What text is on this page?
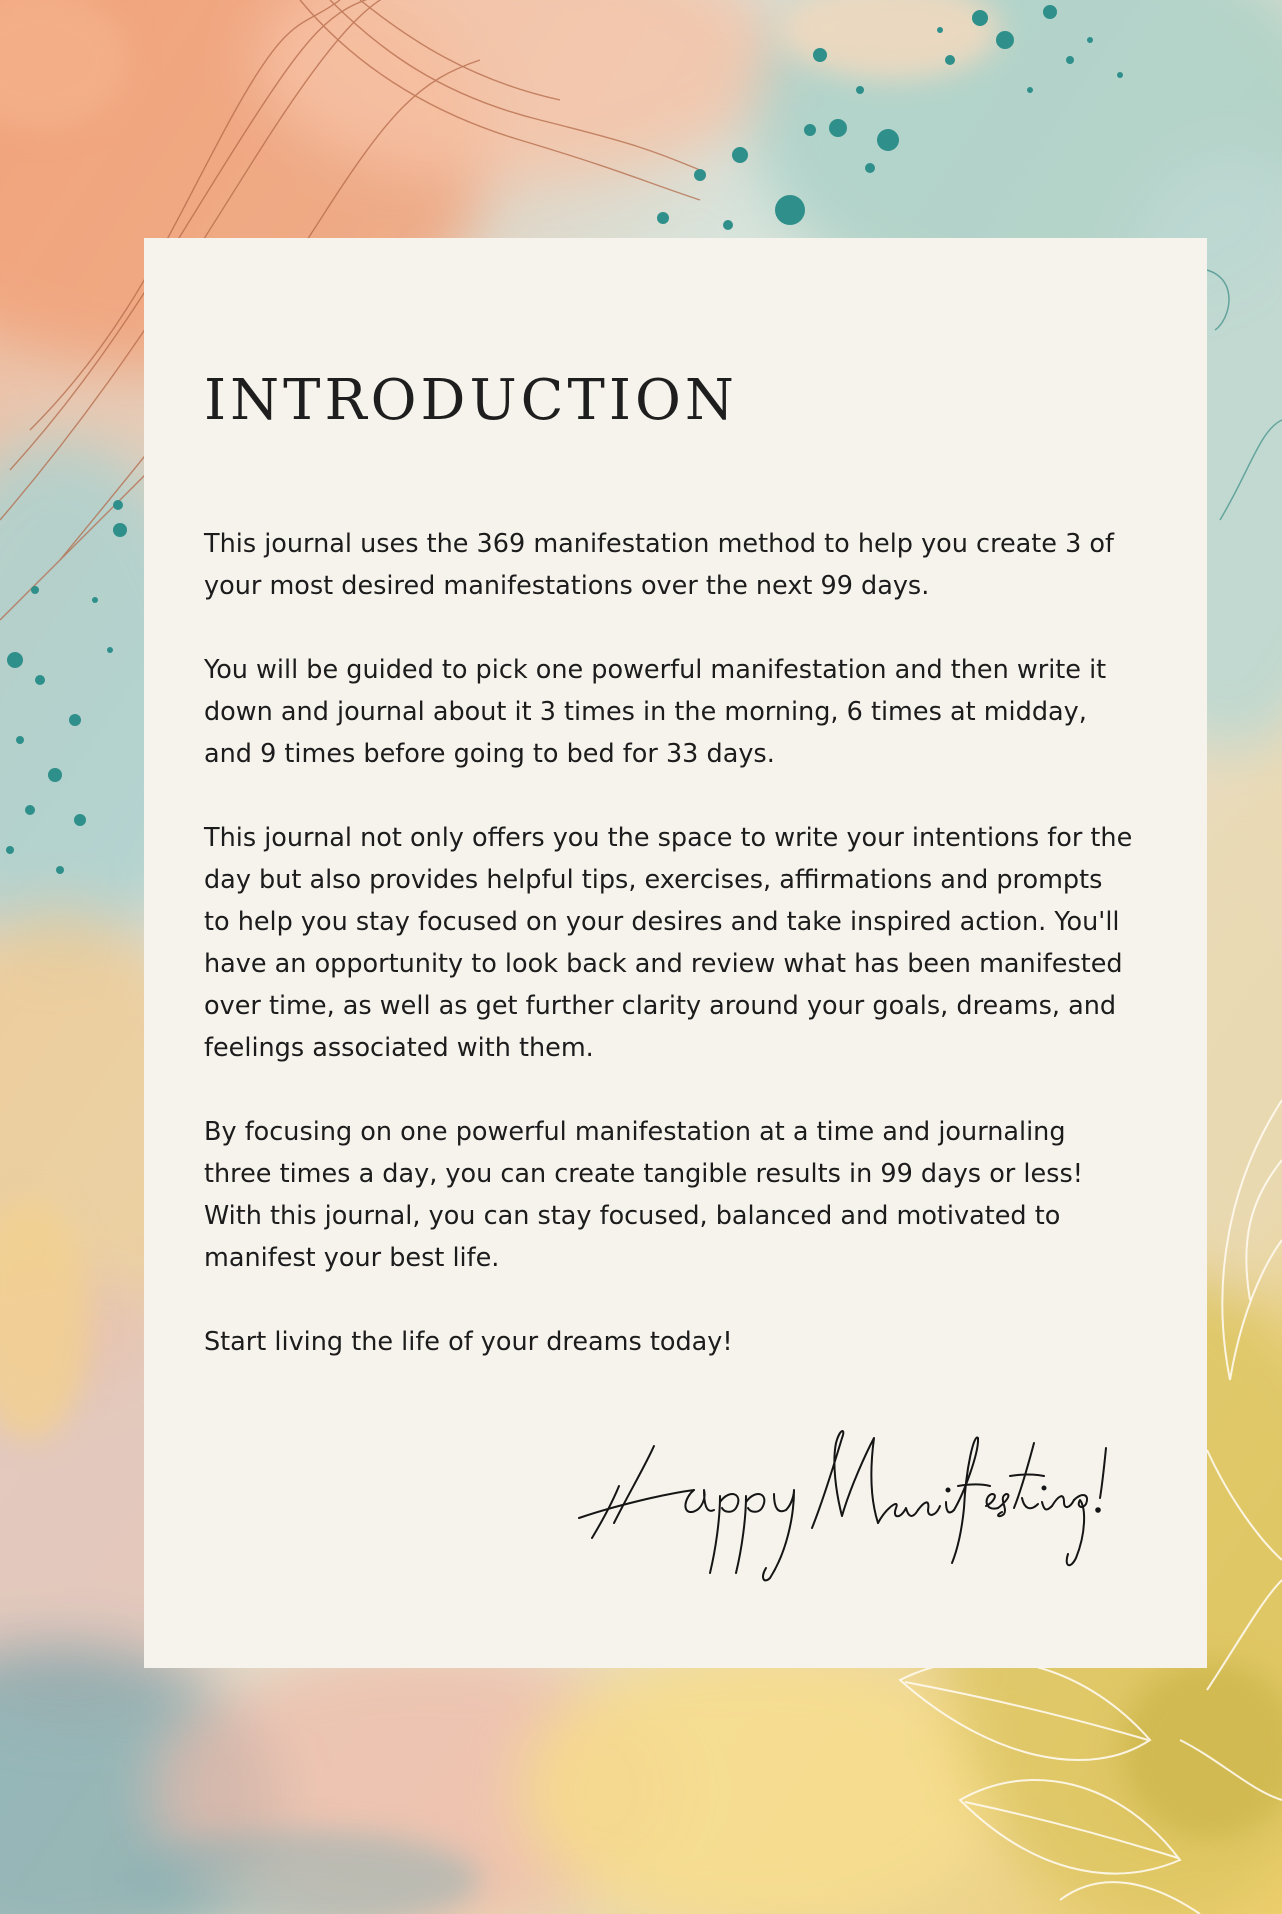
INTRODUCTION

This journal uses the 369 manifestation method to help you create 3 of your most desired manifestations over the next 99 days.

You will be guided to pick one powerful manifestation and then write it down and journal about it 3 times in the morning, 6 times at midday, and 9 times before going to bed for 33 days.

This journal not only offers you the space to write your intentions for the day but also provides helpful tips, exercises, affirmations and prompts to help you stay focused on your desires and take inspired action. You'll have an opportunity to look back and review what has been manifested over time, as well as get further clarity around your goals, dreams, and feelings associated with them.

By focusing on one powerful manifestation at a time and journaling three times a day, you can create tangible results in 99 days or less! With this journal, you can stay focused, balanced and motivated to manifest your best life.

Start living the life of your dreams today!
